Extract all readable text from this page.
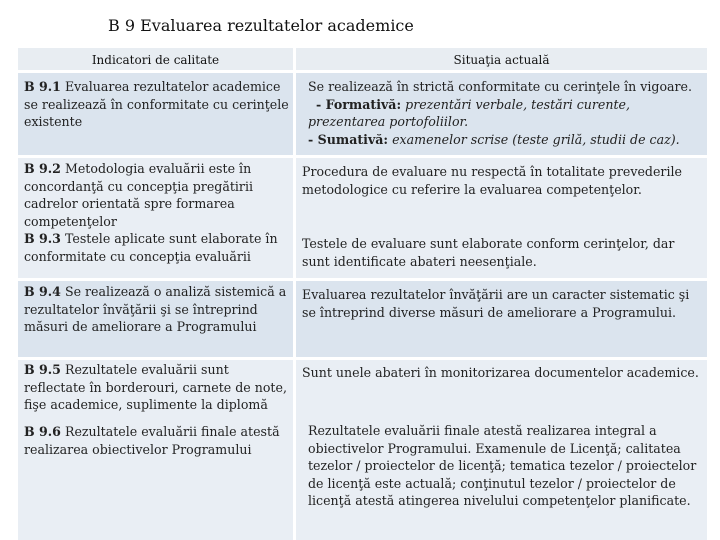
B 9 Evaluarea rezultatelor academice
Indicatori de calitate	Situaţia actuală
B 9.1 Evaluarea rezultatelor academice se realizează în conformitate cu cerinţele existente
Se realizează în strictă conformitate cu cerinţele în vigoare.
- Formativă: prezentări verbale, testări curente, prezentarea portofoliilor.
- Sumativă: examenelor scrise (teste grilă, studii de caz).
B 9.2 Metodologia evaluării este în concordanţă cu concepţia pregătirii cadrelor orientată spre formarea competenţelor
B 9.3 Testele aplicate sunt elaborate în conformitate cu concepţia evaluării
Procedura de evaluare nu respectă în totalitate prevederile metodologice cu referire la evaluarea competenţelor.
Testele de evaluare sunt elaborate conform cerinţelor, dar sunt identificate abateri neesenţiale.
B 9.4 Se realizează o analiză sistemică a rezultatelor învăţării şi se întreprind măsuri de ameliorare a Programului
Evaluarea rezultatelor învăţării are un caracter sistematic şi se întreprind diverse măsuri de ameliorare a Programului.
B 9.5 Rezultatele evaluării sunt reflectate în borderouri, carnete de note, fişe academice, suplimente la diplomă
B 9.6 Rezultatele evaluării finale atestă realizarea obiectivelor Programului
Sunt unele abateri în monitorizarea documentelor academice.
Rezultatele evaluării finale atestă realizarea integral a obiectivelor Programului. Examenule de Licenţă; calitatea tezelor / proiectelor de licenţă; tematica tezelor / proiectelor de licenţă este actuală; conţinutul tezelor / proiectelor de licenţă atestă atingerea nivelului competenţelor planificate.
